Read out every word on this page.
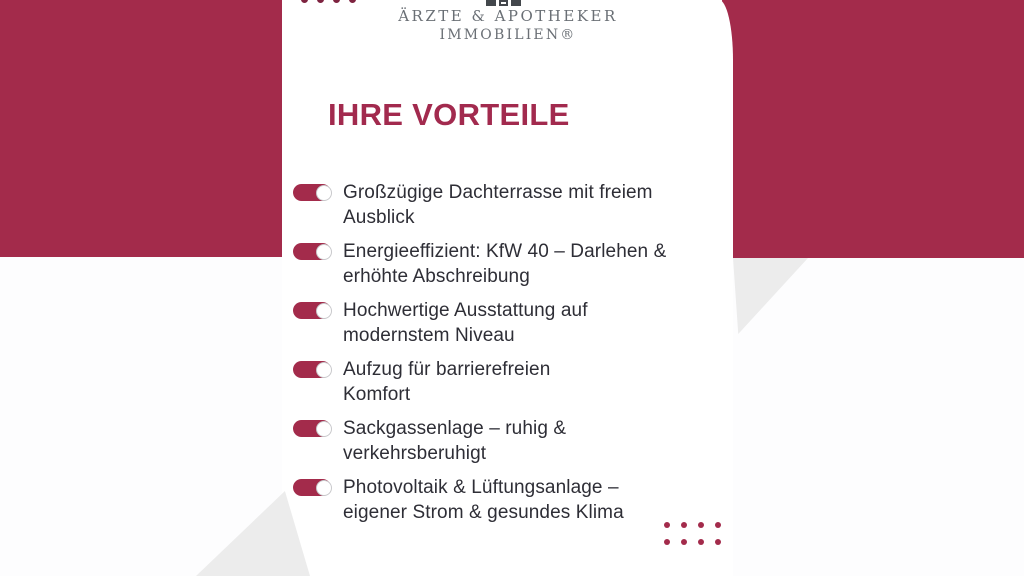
ÄRZTE & APOTHEKER
IMMOBILIEN®
IHRE VORTEILE
Großzügige Dachterrasse mit freiem
Ausblick
Energieeffizient: KfW 40 – Darlehen &
erhöhte Abschreibung
Hochwertige Ausstattung auf
modernstem Niveau
Aufzug für barrierefreien
Komfort
Sackgassenlage – ruhig &
verkehrsberuhigt
Photovoltaik & Lüftungsanlage –
eigener Strom & gesundes Klima
